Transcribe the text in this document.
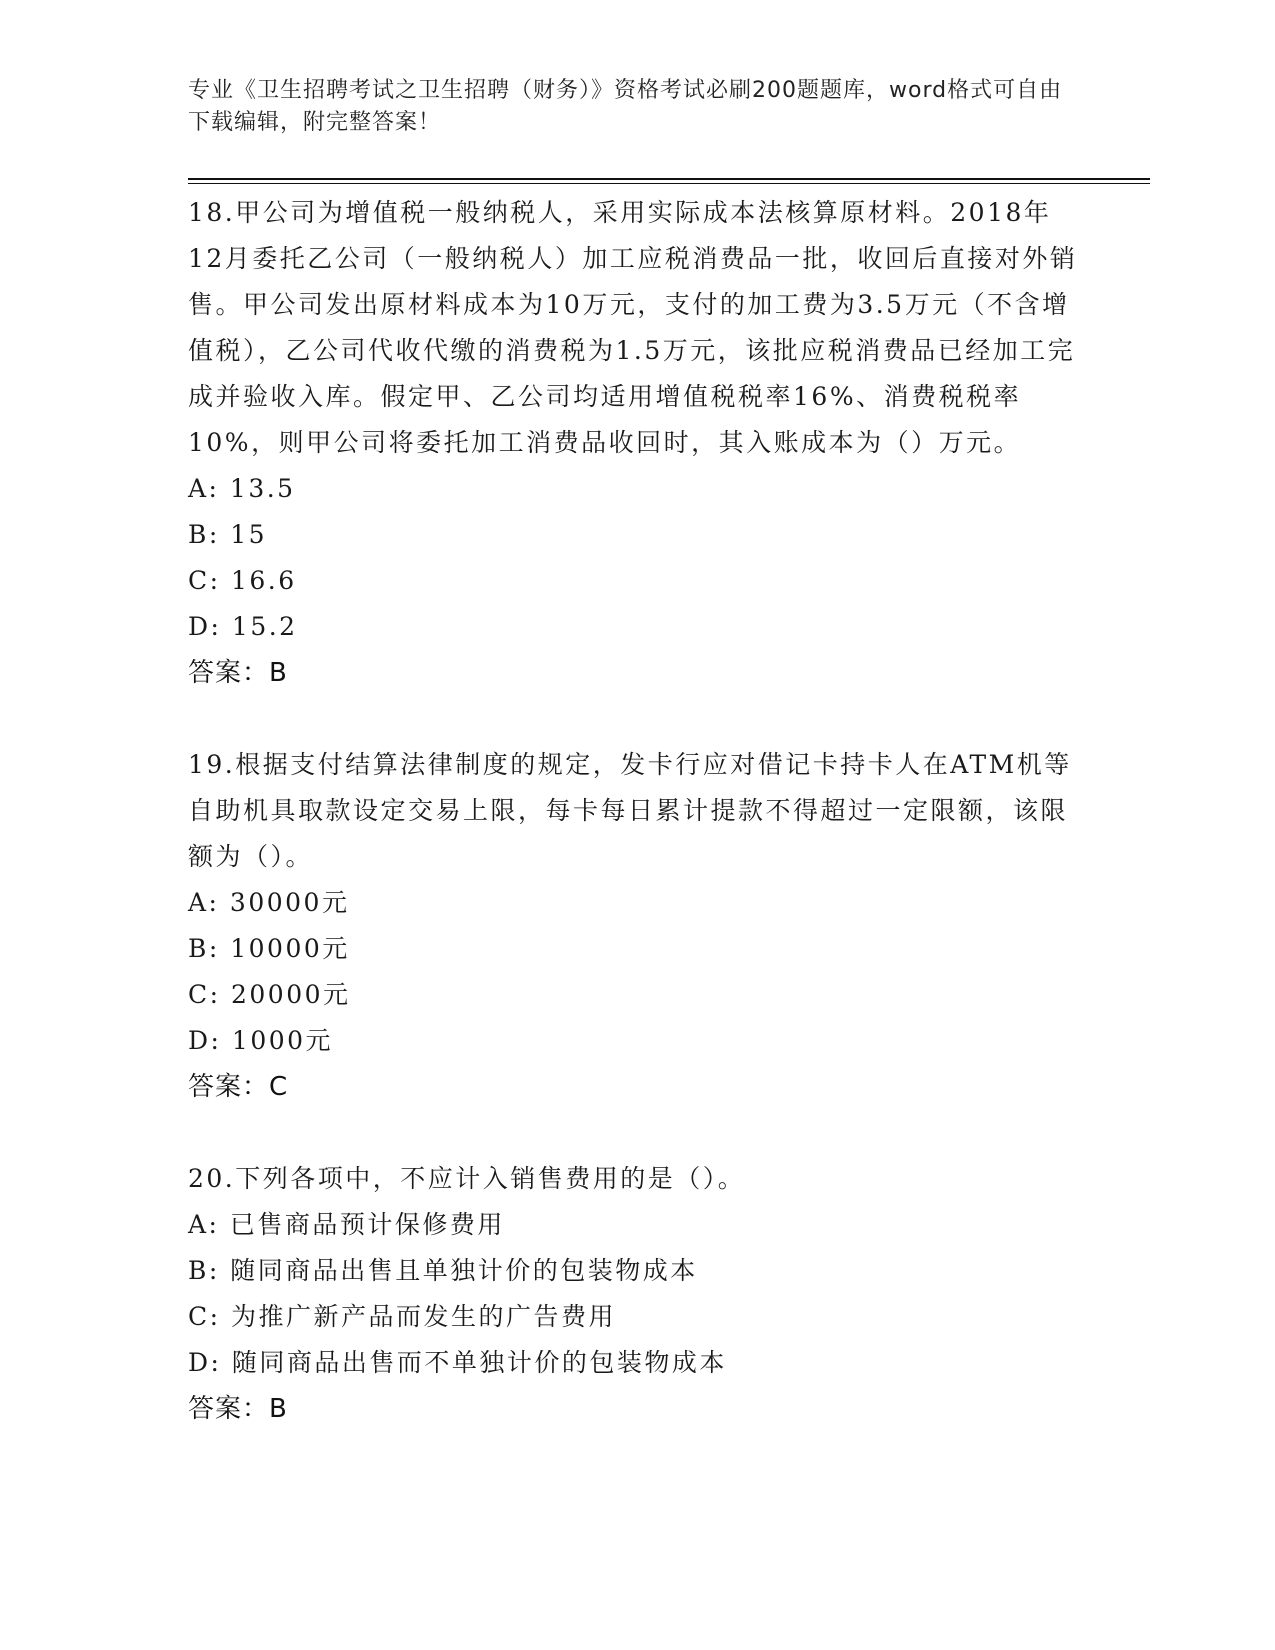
专业《卫生招聘考试之卫生招聘（财务）》资格考试必刷200题题库，word格式可自由下载编辑，附完整答案！
18.甲公司为增值税一般纳税人，采用实际成本法核算原材料。2018年12月委托乙公司（一般纳税人）加工应税消费品一批，收回后直接对外销售。甲公司发出原材料成本为10万元，支付的加工费为3.5万元（不含增值税），乙公司代收代缴的消费税为1.5万元，该批应税消费品已经加工完成并验收入库。假定甲、乙公司均适用增值税税率16%、消费税税率10%，则甲公司将委托加工消费品收回时，其入账成本为（）万元。
A: 13.5
B: 15
C: 16.6
D: 15.2
答案：B
19.根据支付结算法律制度的规定，发卡行应对借记卡持卡人在ATM机等自助机具取款设定交易上限，每卡每日累计提款不得超过一定限额，该限额为（）。
A: 30000元
B: 10000元
C: 20000元
D: 1000元
答案：C
20.下列各项中，不应计入销售费用的是（）。
A: 已售商品预计保修费用
B: 随同商品出售且单独计价的包装物成本
C: 为推广新产品而发生的广告费用
D: 随同商品出售而不单独计价的包装物成本
答案：B
